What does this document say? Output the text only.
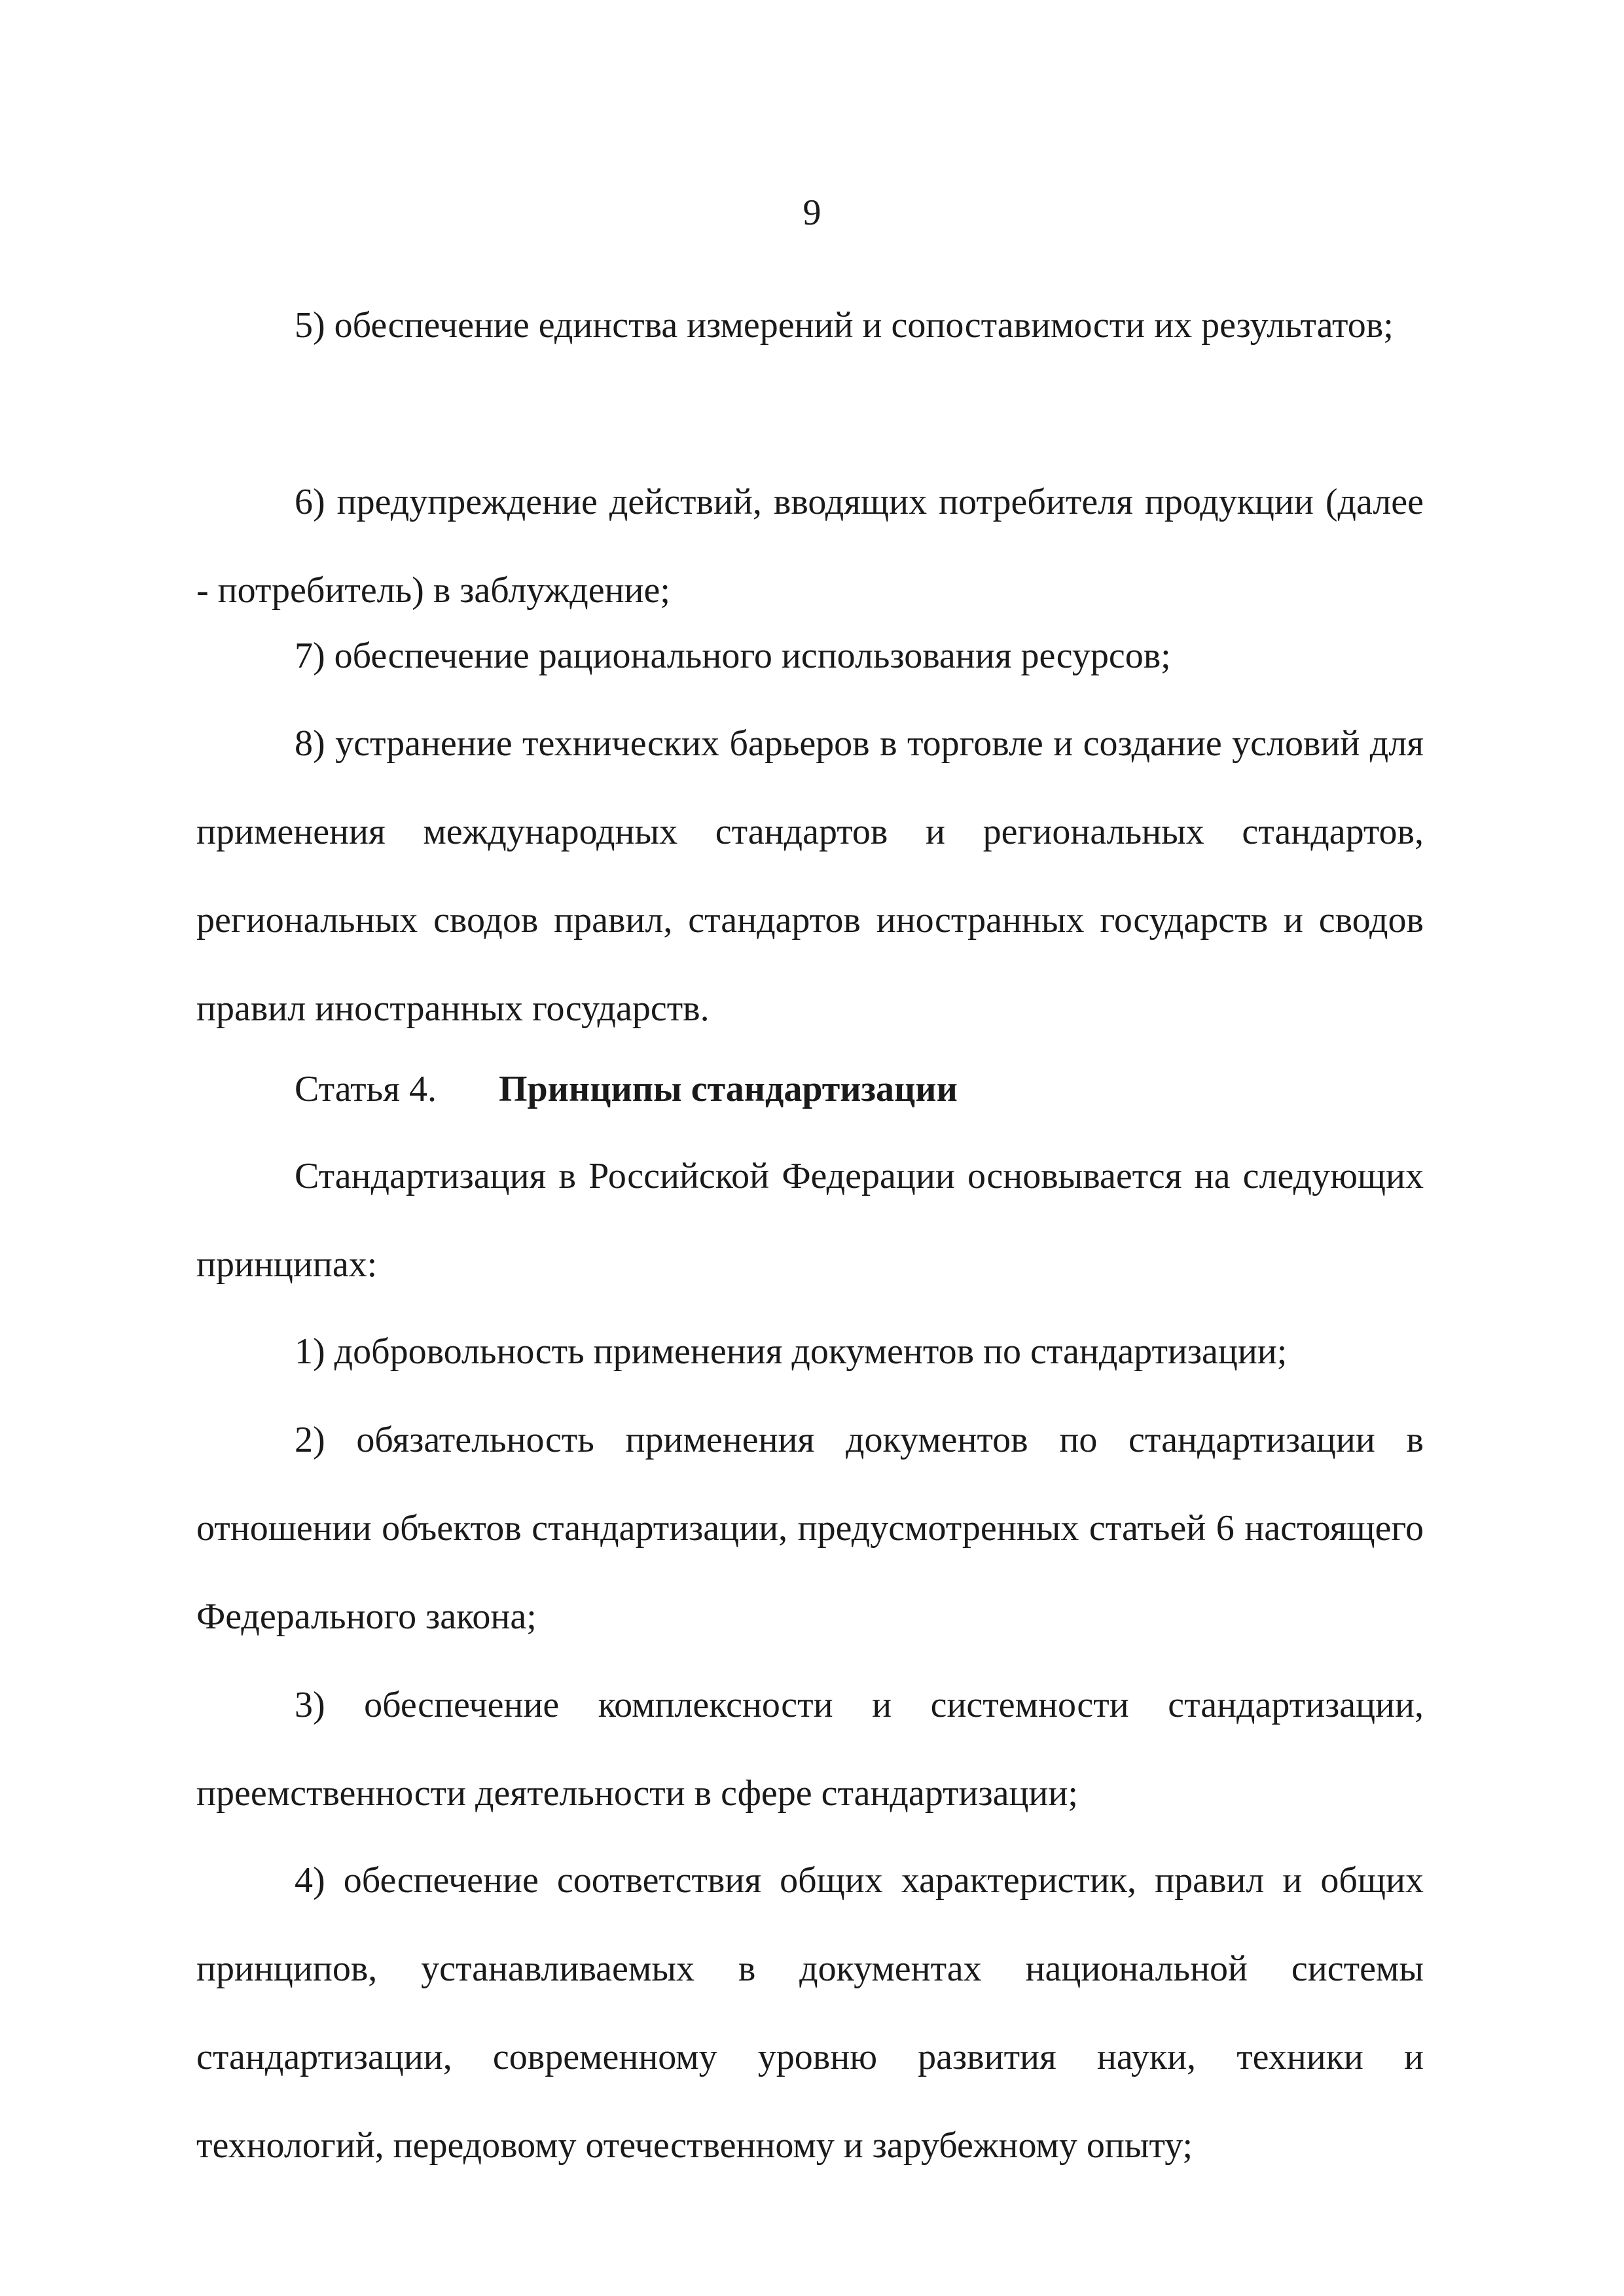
9

5) обеспечение единства измерений и сопоставимости их результатов;

6) предупреждение действий, вводящих потребителя продукции (далее - потребитель) в заблуждение;

7) обеспечение рационального использования ресурсов;

8) устранение технических барьеров в торговле и создание условий для применения международных стандартов и региональных стандартов, региональных сводов правил, стандартов иностранных государств и сводов правил иностранных государств.

Статья 4. Принципы стандартизации

Стандартизация в Российской Федерации основывается на следующих принципах:

1) добровольность применения документов по стандартизации;

2) обязательность применения документов по стандартизации в отношении объектов стандартизации, предусмотренных статьей 6 настоящего Федерального закона;

3) обеспечение комплексности и системности стандартизации, преемственности деятельности в сфере стандартизации;

4) обеспечение соответствия общих характеристик, правил и общих принципов, устанавливаемых в документах национальной системы стандартизации, современному уровню развития науки, техники и технологий, передовому отечественному и зарубежному опыту;
